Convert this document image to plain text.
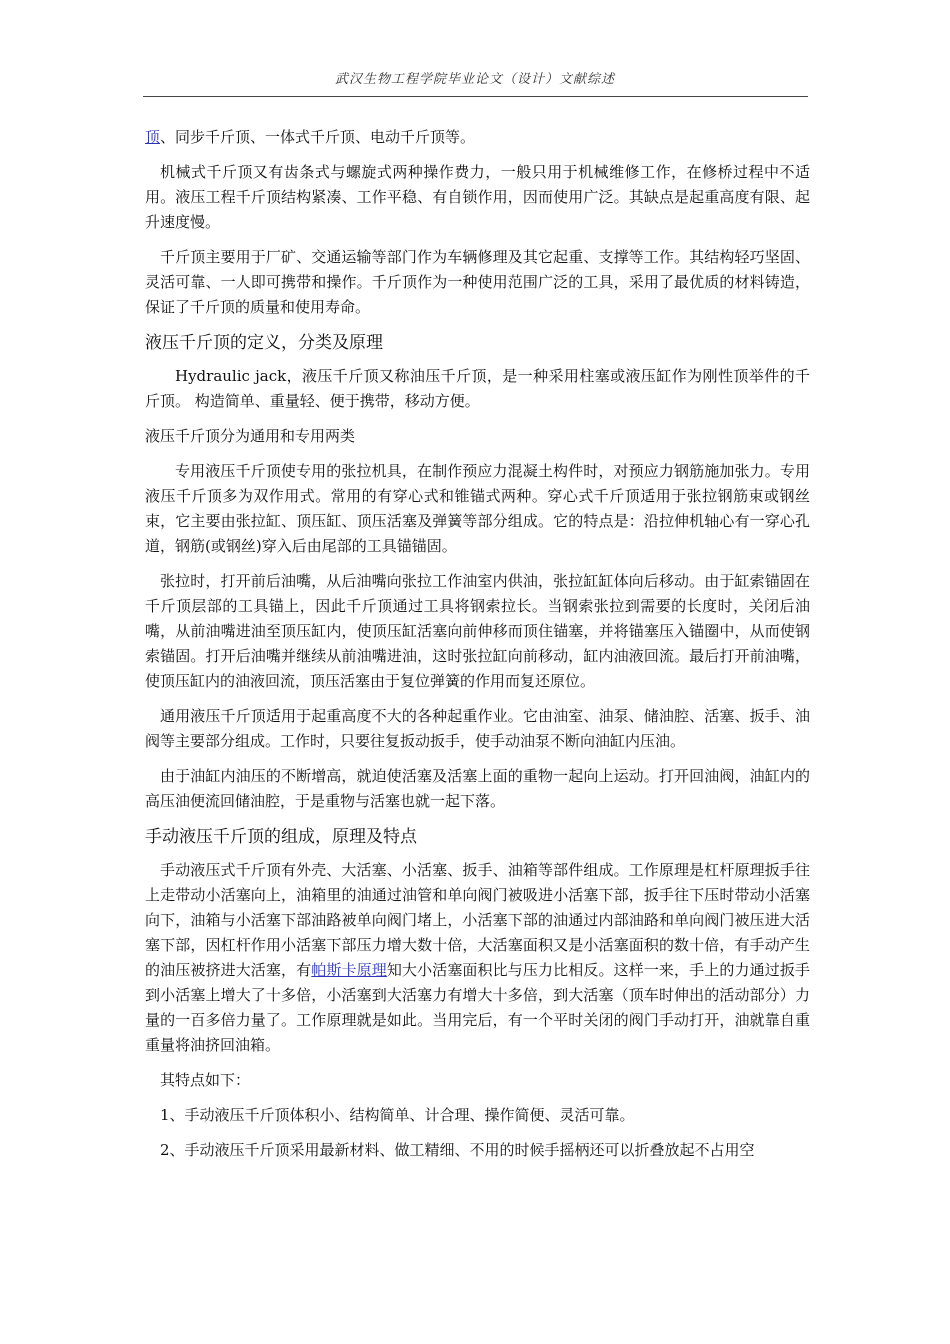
武汉生物工程学院毕业论文（设计）文献综述

顶、同步千斤顶、一体式千斤顶、电动千斤顶等。

机械式千斤顶又有齿条式与螺旋式两种操作费力，一般只用于机械维修工作，在修桥过程中不适用。液压工程千斤顶结构紧凑、工作平稳、有自锁作用，因而使用广泛。其缺点是起重高度有限、起升速度慢。

千斤顶主要用于厂矿、交通运输等部门作为车辆修理及其它起重、支撑等工作。其结构轻巧坚固、灵活可靠、一人即可携带和操作。千斤顶作为一种使用范围广泛的工具，采用了最优质的材料铸造，保证了千斤顶的质量和使用寿命。

液压千斤顶的定义，分类及原理

Hydraulic jack，液压千斤顶又称油压千斤顶，是一种采用柱塞或液压缸作为刚性顶举件的千斤顶。 构造简单、重量轻、便于携带，移动方便。

液压千斤顶分为通用和专用两类

专用液压千斤顶使专用的张拉机具，在制作预应力混凝土构件时，对预应力钢筋施加张力。专用液压千斤顶多为双作用式。常用的有穿心式和锥锚式两种。穿心式千斤顶适用于张拉钢筋束或钢丝束，它主要由张拉缸、顶压缸、顶压活塞及弹簧等部分组成。它的特点是：沿拉伸机轴心有一穿心孔道，钢筋(或钢丝)穿入后由尾部的工具锚锚固。

张拉时，打开前后油嘴，从后油嘴向张拉工作油室内供油，张拉缸缸体向后移动。由于缸索锚固在千斤顶层部的工具锚上，因此千斤顶通过工具将钢索拉长。当钢索张拉到需要的长度时，关闭后油嘴，从前油嘴进油至顶压缸内，使顶压缸活塞向前伸移而顶住锚塞，并将锚塞压入锚圈中，从而使钢索锚固。打开后油嘴并继续从前油嘴进油，这时张拉缸向前移动，缸内油液回流。最后打开前油嘴，使顶压缸内的油液回流，顶压活塞由于复位弹簧的作用而复还原位。

通用液压千斤顶适用于起重高度不大的各种起重作业。它由油室、油泵、储油腔、活塞、扳手、油阀等主要部分组成。工作时，只要往复扳动扳手，使手动油泵不断向油缸内压油。

由于油缸内油压的不断增高，就迫使活塞及活塞上面的重物一起向上运动。打开回油阀，油缸内的高压油便流回储油腔，于是重物与活塞也就一起下落。

手动液压千斤顶的组成，原理及特点

手动液压式千斤顶有外壳、大活塞、小活塞、扳手、油箱等部件组成。工作原理是杠杆原理扳手往上走带动小活塞向上，油箱里的油通过油管和单向阀门被吸进小活塞下部，扳手往下压时带动小活塞向下，油箱与小活塞下部油路被单向阀门堵上，小活塞下部的油通过内部油路和单向阀门被压进大活塞下部，因杠杆作用小活塞下部压力增大数十倍，大活塞面积又是小活塞面积的数十倍，有手动产生的油压被挤进大活塞，有帕斯卡原理知大小活塞面积比与压力比相反。这样一来，手上的力通过扳手到小活塞上增大了十多倍，小活塞到大活塞力有增大十多倍，到大活塞（顶车时伸出的活动部分）力量的一百多倍力量了。工作原理就是如此。当用完后，有一个平时关闭的阀门手动打开，油就靠自重重量将油挤回油箱。

其特点如下：

1、手动液压千斤顶体积小、结构简单、计合理、操作简便、灵活可靠。

2、手动液压千斤顶采用最新材料、做工精细、不用的时候手摇柄还可以折叠放起不占用空
